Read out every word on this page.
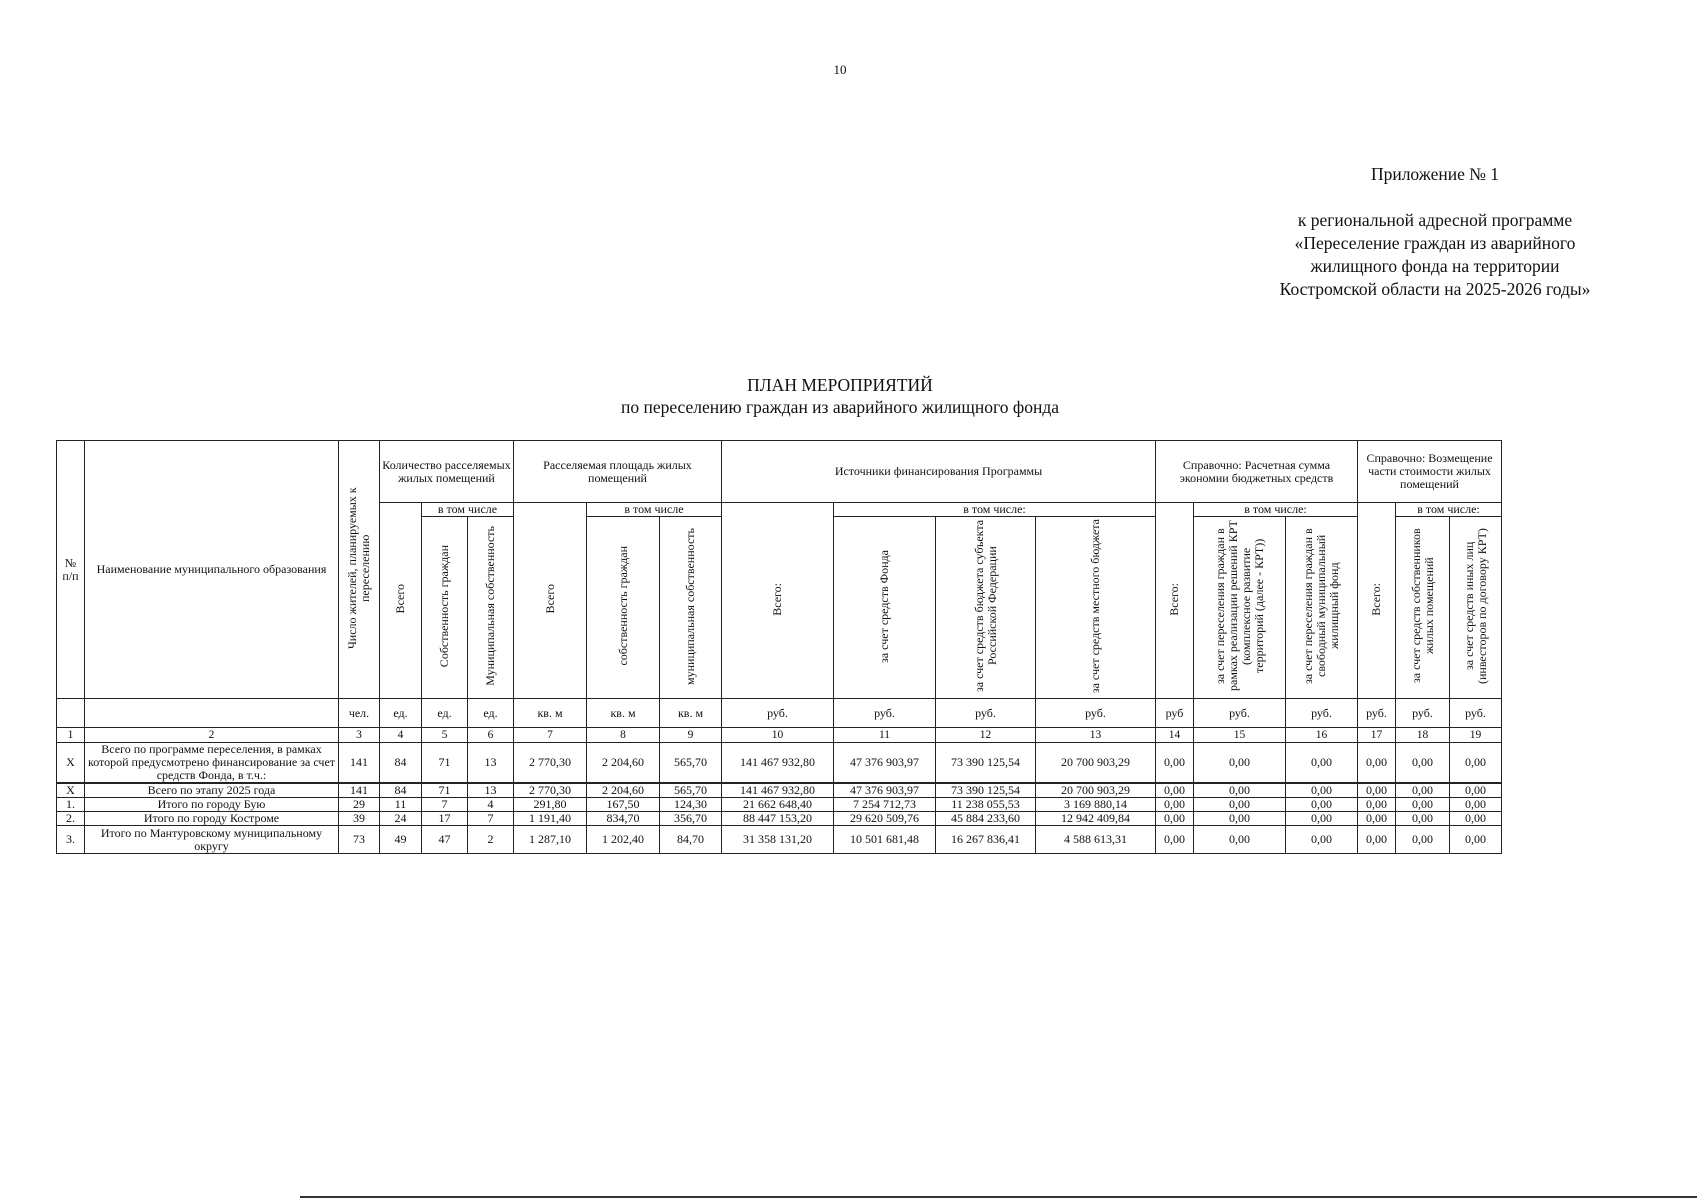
10
Приложение № 1
к региональной адресной программе
«Переселение граждан из аварийного
жилищного фонда на территории
Костромской области на 2025-2026 годы»
ПЛАН МЕРОПРИЯТИЙ
по переселению граждан из аварийного жилищного фонда
№ п/п	Наименование муниципального образования	Число жителей, планируемых к переселению	Количество расселяемых жилых помещений			Расселяемая площадь жилых помещений			Источники финансирования Программы				Справочно: Расчетная сумма экономии бюджетных средств			Справочно: Возмещение части стоимости жилых помещений		
			Всего	в том числе		Всего	в том числе		Всего:	в том числе:			Всего:	в том числе:		Всего:	в том числе:	
				Собственность граждан	Муниципальная собственность		собственность граждан	муниципальная собственность		за счет средств Фонда	за счет средств бюджета субъекта Российской Федерации	за счет средств местного бюджета		за счет переселения граждан в рамках реализации решений КРТ (комплексное развитие территорий (далее - КРТ))	за счет переселения граждан в свободный муниципальный жилищный фонд		за счет средств собственников жилых помещений	за счет средств иных лиц (инвесторов по договору КРТ)
		чел.	ед.	ед.	ед.	кв. м	кв. м	кв. м	руб.	руб.	руб.	руб.	руб	руб.	руб.	руб.	руб.	руб.
1	2	3	4	5	6	7	8	9	10	11	12	13	14	15	16	17	18	19
X	Всего по программе переселения, в рамках которой предусмотрено финансирование за счет средств Фонда, в т.ч.:	141	84	71	13	2 770,30	2 204,60	565,70	141 467 932,80	47 376 903,97	73 390 125,54	20 700 903,29	0,00	0,00	0,00	0,00	0,00	0,00
X	Всего по этапу 2025 года	141	84	71	13	2 770,30	2 204,60	565,70	141 467 932,80	47 376 903,97	73 390 125,54	20 700 903,29	0,00	0,00	0,00	0,00	0,00	0,00
1.	Итого по городу Бую	29	11	7	4	291,80	167,50	124,30	21 662 648,40	7 254 712,73	11 238 055,53	3 169 880,14	0,00	0,00	0,00	0,00	0,00	0,00
2.	Итого по городу Костроме	39	24	17	7	1 191,40	834,70	356,70	88 447 153,20	29 620 509,76	45 884 233,60	12 942 409,84	0,00	0,00	0,00	0,00	0,00	0,00
3.	Итого по Мантуровскому муниципальному округу	73	49	47	2	1 287,10	1 202,40	84,70	31 358 131,20	10 501 681,48	16 267 836,41	4 588 613,31	0,00	0,00	0,00	0,00	0,00	0,00
